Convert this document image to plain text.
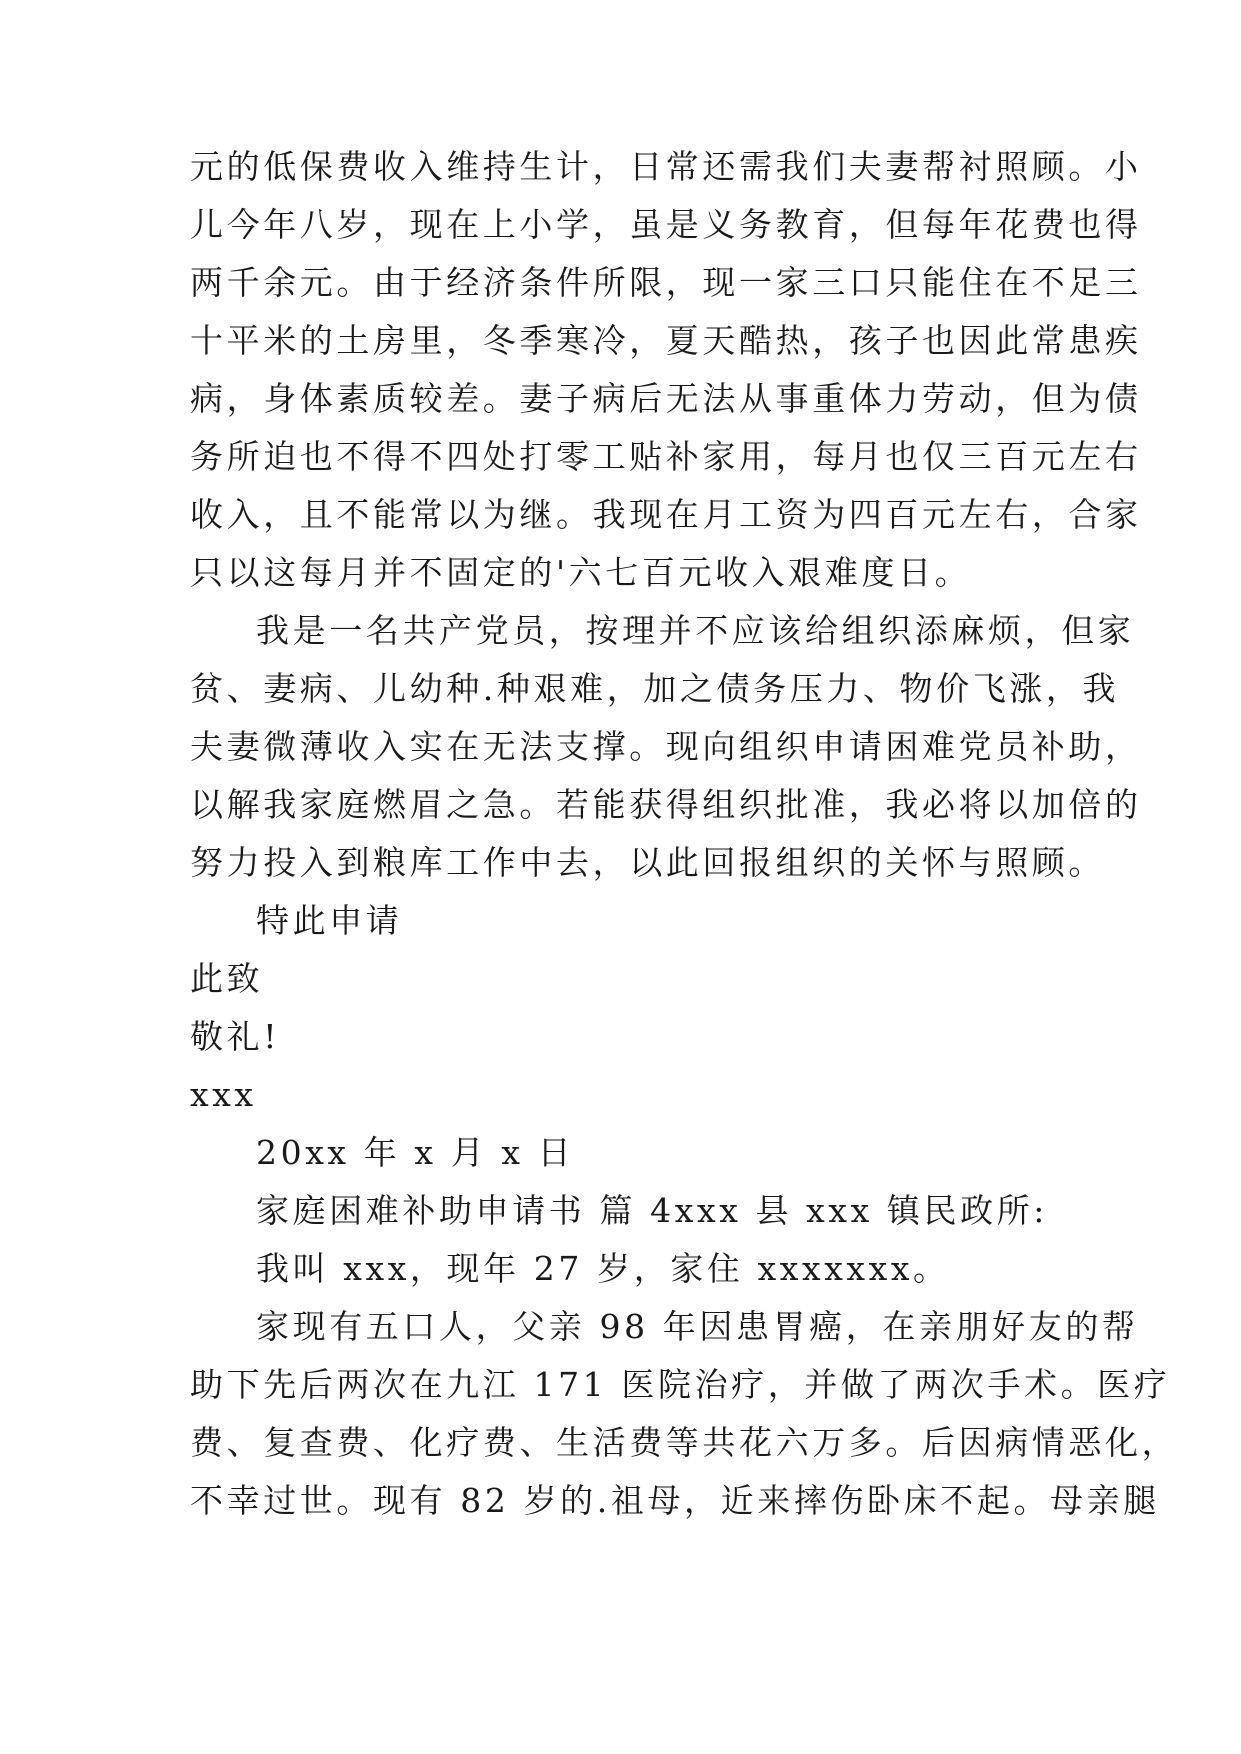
元的低保费收入维持生计，日常还需我们夫妻帮衬照顾。小
儿今年八岁，现在上小学，虽是义务教育，但每年花费也得
两千余元。由于经济条件所限，现一家三口只能住在不足三
十平米的土房里，冬季寒冷，夏天酷热，孩子也因此常患疾
病，身体素质较差。妻子病后无法从事重体力劳动，但为债
务所迫也不得不四处打零工贴补家用，每月也仅三百元左右
收入，且不能常以为继。我现在月工资为四百元左右，合家
只以这每月并不固定的'六七百元收入艰难度日。
我是一名共产党员，按理并不应该给组织添麻烦，但家
贫、妻病、儿幼种.种艰难，加之债务压力、物价飞涨，我
夫妻微薄收入实在无法支撑。现向组织申请困难党员补助，
以解我家庭燃眉之急。若能获得组织批准，我必将以加倍的
努力投入到粮库工作中去，以此回报组织的关怀与照顾。
特此申请
此致
敬礼!
xxx
20xx 年 x 月 x 日
家庭困难补助申请书 篇 4xxx 县 xxx 镇民政所:
我叫 xxx，现年 27 岁，家住 xxxxxxx。
家现有五口人，父亲 98 年因患胃癌，在亲朋好友的帮
助下先后两次在九江 171 医院治疗，并做了两次手术。医疗
费、复查费、化疗费、生活费等共花六万多。后因病情恶化，
不幸过世。现有 82 岁的.祖母，近来摔伤卧床不起。母亲腿
